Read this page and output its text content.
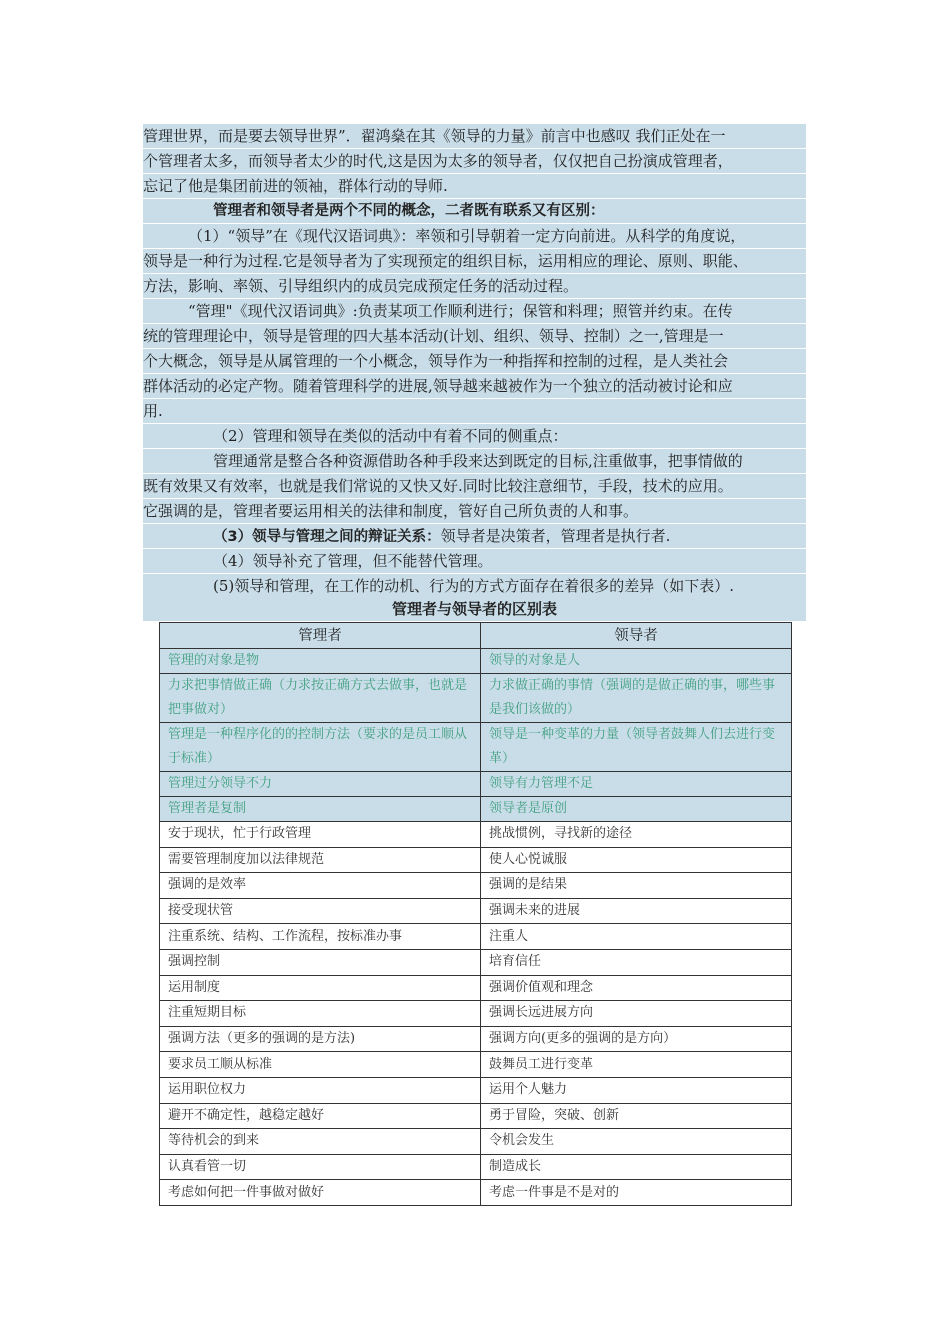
管理世界，而是要去领导世界”．翟鸿燊在其《领导的力量》前言中也感叹 我们正处在一
个管理者太多，而领导者太少的时代,这是因为太多的领导者，仅仅把自己扮演成管理者，
忘记了他是集团前进的领袖，群体行动的导师.
管理者和领导者是两个不同的概念，二者既有联系又有区别：
（1）“领导”在《现代汉语词典》：率领和引导朝着一定方向前进。从科学的角度说，
领导是一种行为过程.它是领导者为了实现预定的组织目标，运用相应的理论、原则、职能、
方法，影响、率领、引导组织内的成员完成预定任务的活动过程。
“管理"《现代汉语词典》:负责某项工作顺利进行；保管和料理；照管并约束。在传
统的管理理论中，领导是管理的四大基本活动(计划、组织、领导、控制）之一,管理是一
个大概念，领导是从属管理的一个小概念，领导作为一种指挥和控制的过程，是人类社会
群体活动的必定产物。随着管理科学的进展,领导越来越被作为一个独立的活动被讨论和应
用.
（2）管理和领导在类似的活动中有着不同的侧重点：
管理通常是整合各种资源借助各种手段来达到既定的目标,注重做事，把事情做的
既有效果又有效率，也就是我们常说的又快又好.同时比较注意细节，手段，技术的应用。
它强调的是，管理者要运用相关的法律和制度，管好自己所负责的人和事。
（3）领导与管理之间的辩证关系：领导者是决策者，管理者是执行者.
（4）领导补充了管理，但不能替代管理。
(5)领导和管理，在工作的动机、行为的方式方面存在着很多的差异（如下表）.
管理者与领导者的区别表
管理者	领导者
管理的对象是物	领导的对象是人
力求把事情做正确（力求按正确方式去做事，也就是把事做对）	力求做正确的事情（强调的是做正确的事，哪些事是我们该做的）
管理是一种程序化的的控制方法（要求的是员工顺从于标准）	领导是一种变革的力量（领导者鼓舞人们去进行变革）
管理过分领导不力	领导有力管理不足
管理者是复制	领导者是原创
安于现状，忙于行政管理	挑战惯例，寻找新的途径
需要管理制度加以法律规范	使人心悦诚服
强调的是效率	强调的是结果
接受现状管	强调未来的进展
注重系统、结构、工作流程，按标准办事	注重人
强调控制	培育信任
运用制度	强调价值观和理念
注重短期目标	强调长远进展方向
强调方法（更多的强调的是方法)	强调方向(更多的强调的是方向）
要求员工顺从标准	鼓舞员工进行变革
运用职位权力	运用个人魅力
避开不确定性，越稳定越好	勇于冒险，突破、创新
等待机会的到来	令机会发生
认真看管一切	制造成长
考虑如何把一件事做对做好	考虑一件事是不是对的
